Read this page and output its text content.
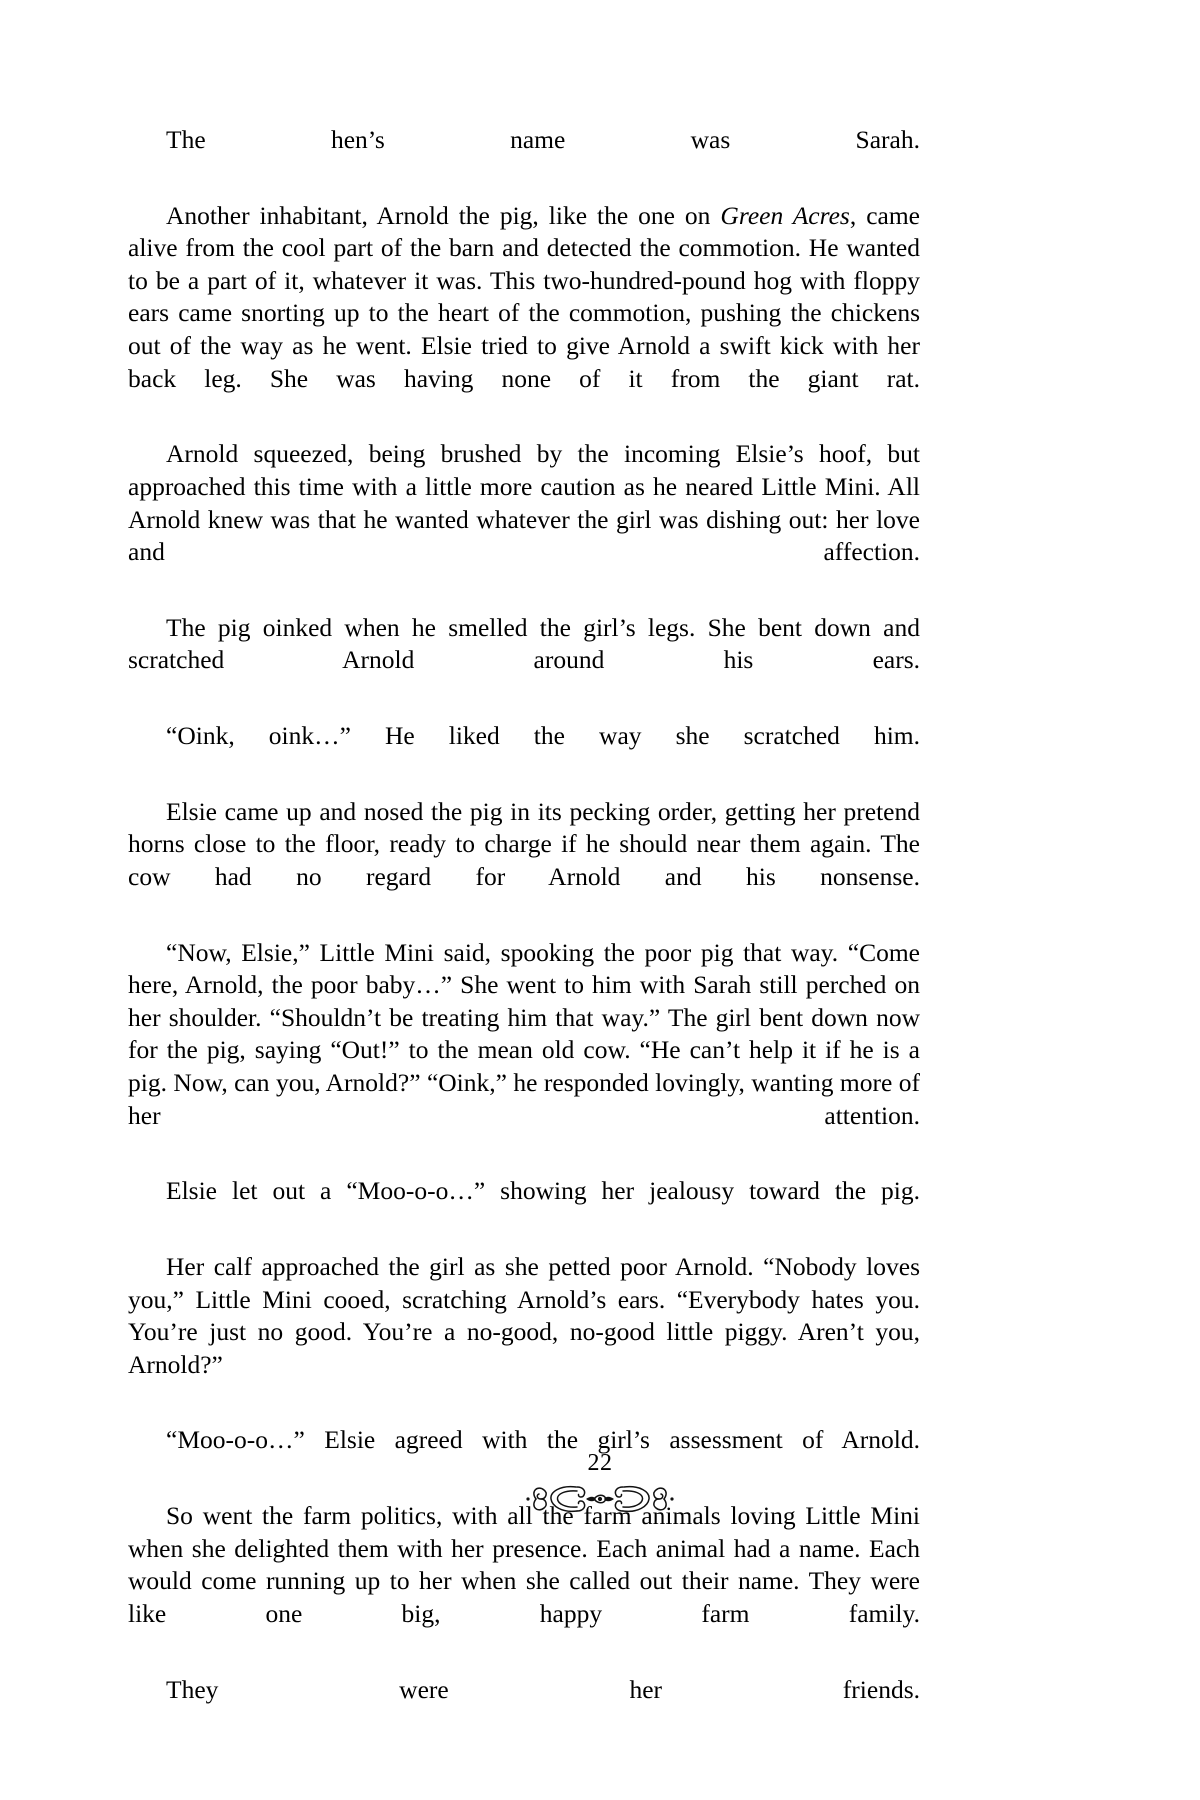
The hen’s name was Sarah.

Another inhabitant, Arnold the pig, like the one on Green Acres, came alive from the cool part of the barn and detected the commotion. He wanted to be a part of it, whatever it was. This two-hundred-pound hog with floppy ears came snorting up to the heart of the commotion, pushing the chickens out of the way as he went. Elsie tried to give Arnold a swift kick with her back leg. She was having none of it from the giant rat.

Arnold squeezed, being brushed by the incoming Elsie’s hoof, but approached this time with a little more caution as he neared Little Mini. All Arnold knew was that he wanted whatever the girl was dishing out: her love and affection.

The pig oinked when he smelled the girl’s legs. She bent down and scratched Arnold around his ears.

“Oink, oink…” He liked the way she scratched him.

Elsie came up and nosed the pig in its pecking order, getting her pretend horns close to the floor, ready to charge if he should near them again. The cow had no regard for Arnold and his nonsense.

“Now, Elsie,” Little Mini said, spooking the poor pig that way. “Come here, Arnold, the poor baby…” She went to him with Sarah still perched on her shoulder. “Shouldn’t be treating him that way.” The girl bent down now for the pig, saying “Out!” to the mean old cow. “He can’t help it if he is a pig. Now, can you, Arnold?” “Oink,” he responded lovingly, wanting more of her attention.

Elsie let out a “Moo-o-o…” showing her jealousy toward the pig.

Her calf approached the girl as she petted poor Arnold. “Nobody loves you,” Little Mini cooed, scratching Arnold’s ears. “Everybody hates you. You’re just no good. You’re a no-good, no-good little piggy. Aren’t you, Arnold?”

“Moo-o-o…” Elsie agreed with the girl’s assessment of Arnold.

So went the farm politics, with all the farm animals loving Little Mini when she delighted them with her presence. Each animal had a name. Each would come running up to her when she called out their name. They were like one big, happy farm family.

They were her friends.

22
